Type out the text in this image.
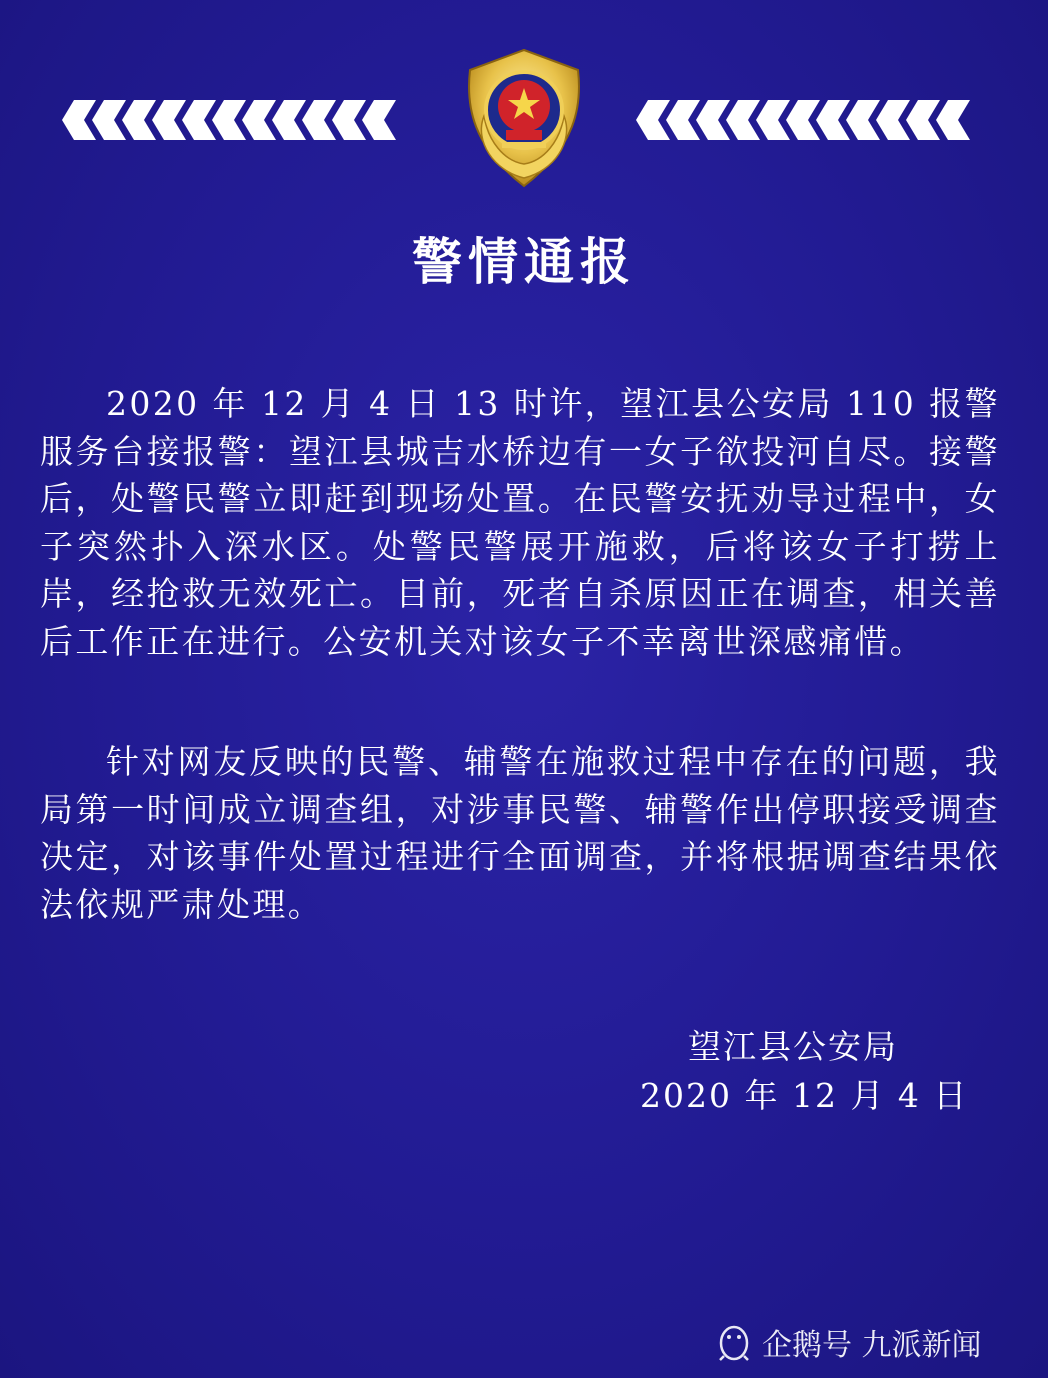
警情通报

2020 年 12 月 4 日 13 时许，望江县公安局 110 报警服务台接报警：望江县城吉水桥边有一女子欲投河自尽。接警后，处警民警立即赶到现场处置。在民警安抚劝导过程中，女子突然扑入深水区。处警民警展开施救，后将该女子打捞上岸，经抢救无效死亡。目前，死者自杀原因正在调查，相关善后工作正在进行。公安机关对该女子不幸离世深感痛惜。

针对网友反映的民警、辅警在施救过程中存在的问题，我局第一时间成立调查组，对涉事民警、辅警作出停职接受调查决定，对该事件处置过程进行全面调查，并将根据调查结果依法依规严肃处理。

望江县公安局
2020 年 12 月 4 日
企鹅号 九派新闻
